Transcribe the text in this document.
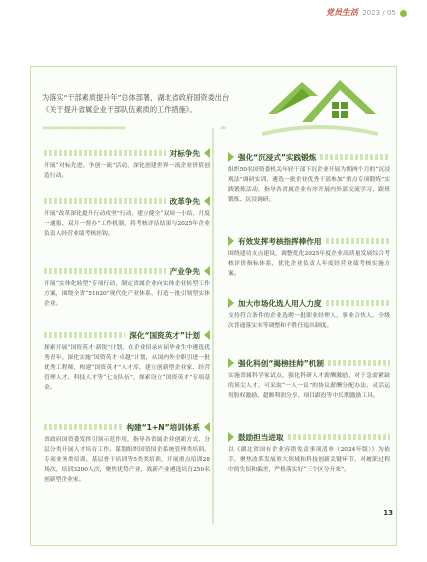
党员生活 2023 / 05
为落实“干部素质提升年”总体部署，湖北省政府国资委出台《关于提升省属企业干部队伍素质的工作措施》。
››››››››››››››››››››››››››››››››››››››››››››››	›››
对标争先
开展“对标先进、争创一流”活动，深化创建世界一流企业价值创造行动。
改革争先
开展“改革深化提升行动攻坚”行动，建立健全“双周一小结、月度一通报、双月一督办”工作机制，将考核评估结果与2025年企业负责人经营业绩考核挂钩。
产业争先
开展“实体化转型”专项行动，制定省属企业向实体企业转型工作方案，围绕全省“51020”现代化产业体系，打造一批引领型实体企业。
深化“国资英才”计划
探索开展“国资英才·新锐”计划，在企业招录应届毕业生中遴选优秀青年。深化实施“国资英才·卓越”计划，从国内外全职引进一批优秀工程师，构建“国资英才”人才库，建立创新型企业家、经营管理人才、科技人才等“七支队伍”，探索设立“国资英才”专项基金。
构建“1+N”培训体系
省政府国资委发挥引领示范作用，指导各省属企业创新方式、分层分类开展人才培育工作。谋划组织国资国企系统管理类培训、专项业务类培训、基层骨干培训等5类类培训，开展重点培训28场次、培训3200人次，聚焦优势产业、战新产业遴选培育250名创新型企业家。
强化“沉浸式”实践锻炼
组织50名国资委机关年轻干部下沉企业开展为期两个月的“沉浸观法”调研实训，遴选一批企业优秀干部参加“重点专项锻炼”实践锻炼活动，指导各省属企业有序开展内外部交流学习、跟班锻炼、沉浸调研。
有效发挥考核指挥棒作用
围绕建功支点建设，调整优化2025年度企业高质量发展综合考核评价指标体系，优化企业负责人年度经营业绩考核实施方案。
加大市场化选人用人力度
支持符合条件的企业选聘一批职业经理人，事业合伙人，全级次普通落实末等调整和不胜任退出制度。
强化科创“揭榜挂帅”机制
实施省属科学家试点，强化科研人才薪酬激励，对于急需紧缺的顶尖人才，可采取“一人一议”的协议薪酬分配办法，灵活运用股权激励、超额利润分享、项目跟投等中长期激励工具。
鼓励担当进取
以《湖北省国有企业容错免责事项清单（2024年版）》为依手，聚焦改革发展重大领域和科技创新关键环节，对履职过程中的失误和偏差，严格落实好“三个区分开来”。
13
